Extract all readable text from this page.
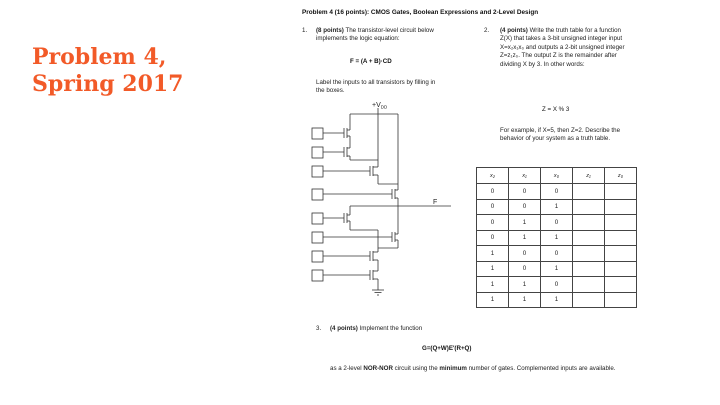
Problem 4, Spring 2017
Problem 4 (16 points): CMOS Gates, Boolean Expressions and 2-Level Design

1. (8 points) The transistor-level circuit below implements the logic equation:

F = (A + B)·CD

Label the inputs to all transistors by filling in the boxes.

$+V_{DD}$
F

2. (4 points) Write the truth table for a function Z(X) that takes a 3-bit unsigned integer input X=x₂x₁x₀ and outputs a 2-bit unsigned integer Z=z₁z₀. The output Z is the remainder after dividing X by 3. In other words:

Z = X % 3

For example, if X=5, then Z=2. Describe the behavior of your system as a truth table.

x₂	x₁	x₀	z₁	z₀
0	0	0		
0	0	1		
0	1	0		
0	1	1		
1	0	0		
1	0	1		
1	1	0		
1	1	1		

3. (4 points) Implement the function

G=(Q+W)E'(R+Q)

as a 2-level NOR-NOR circuit using the minimum number of gates. Complemented inputs are available.
